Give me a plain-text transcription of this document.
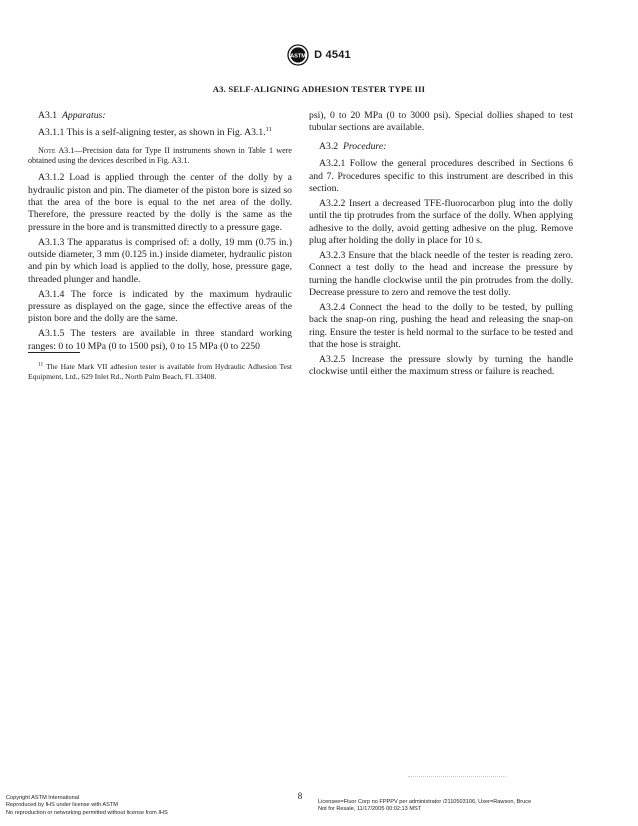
ASTM D 4541
A3. SELF-ALIGNING ADHESION TESTER TYPE III

A3.1 Apparatus:

A3.1.1 This is a self-aligning tester, as shown in Fig. A3.1.11

Note A3.1—Precision data for Type II instruments shown in Table 1 were obtained using the devices described in Fig. A3.1.

A3.1.2 Load is applied through the center of the dolly by a hydraulic piston and pin. The diameter of the piston bore is sized so that the area of the bore is equal to the net area of the dolly. Therefore, the pressure reacted by the dolly is the same as the pressure in the bore and is transmitted directly to a pressure gage.

A3.1.3 The apparatus is comprised of: a dolly, 19 mm (0.75 in.) outside diameter, 3 mm (0.125 in.) inside diameter, hydraulic piston and pin by which load is applied to the dolly, hose, pressure gage, threaded plunger and handle.

A3.1.4 The force is indicated by the maximum hydraulic pressure as displayed on the gage, since the effective areas of the piston bore and the dolly are the same.

A3.1.5 The testers are available in three standard working ranges: 0 to 10 MPa (0 to 1500 psi), 0 to 15 MPa (0 to 2250

$^{11}$ The Hate Mark VII adhesion tester is available from Hydraulic Adhesion Test Equipment, Ltd., 629 Inlet Rd., North Palm Beach, FL 33408.

psi), 0 to 20 MPa (0 to 3000 psi). Special dollies shaped to test tubular sections are available.

A3.2 Procedure:

A3.2.1 Follow the general procedures described in Sections 6 and 7. Procedures specific to this instrument are described in this section.

A3.2.2 Insert a decreased TFE-fluorocarbon plug into the dolly until the tip protrudes from the surface of the dolly. When applying adhesive to the dolly, avoid getting adhesive on the plug. Remove plug after holding the dolly in place for 10 s.

A3.2.3 Ensure that the black needle of the tester is reading zero. Connect a test dolly to the head and increase the pressure by turning the handle clockwise until the pin protrudes from the dolly. Decrease pressure to zero and remove the test dolly.

A3.2.4 Connect the head to the dolly to be tested, by pulling back the snap-on ring, pushing the head and releasing the snap-on ring. Ensure the tester is held normal to the surface to be tested and that the hose is straight.

A3.2.5 Increase the pressure slowly by turning the handle clockwise until either the maximum stress or failure is reached.

8
Copyright ASTM International
Reproduced by IHS under license with ASTM
No reproduction or networking permitted without license from IHS
Licensee=Fluor Corp no FPPPV per administrator /2110503106, User=Rawson, Bruce
Not for Resale, 11/17/2005 00:02:13 MST
